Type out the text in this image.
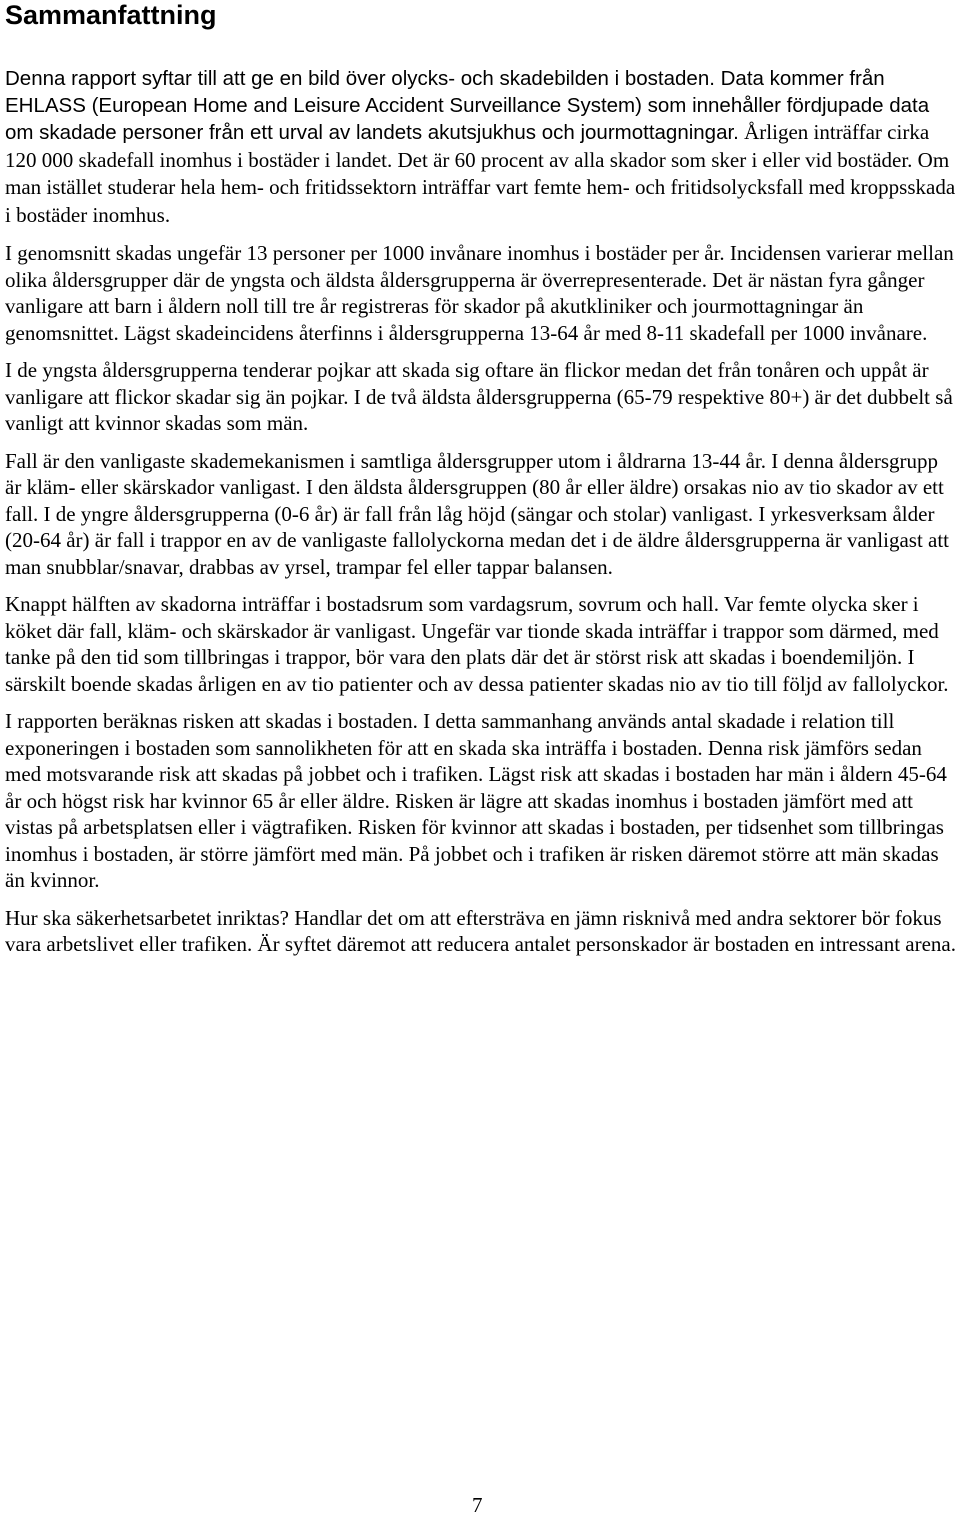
Sammanfattning

Denna rapport syftar till att ge en bild över olycks- och skadebilden i bostaden. Data kommer från EHLASS (European Home and Leisure Accident Surveillance System) som innehåller fördjupade data om skadade personer från ett urval av landets akutsjukhus och jourmottagningar. Årligen inträffar cirka 120 000 skadefall inomhus i bostäder i landet. Det är 60 procent av alla skador som sker i eller vid bostäder. Om man istället studerar hela hem- och fritidssektorn inträffar vart femte hem- och fritidsolycksfall med kroppsskada i bostäder inomhus.

I genomsnitt skadas ungefär 13 personer per 1000 invånare inomhus i bostäder per år. Incidensen varierar mellan olika åldersgrupper där de yngsta och äldsta åldersgrupperna är överrepresenterade. Det är nästan fyra gånger vanligare att barn i åldern noll till tre år registreras för skador på akutkliniker och jourmottagningar än genomsnittet. Lägst skadeincidens återfinns i åldersgrupperna 13-64 år med 8-11 skadefall per 1000 invånare.

I de yngsta åldersgrupperna tenderar pojkar att skada sig oftare än flickor medan det från tonåren och uppåt är vanligare att flickor skadar sig än pojkar. I de två äldsta åldersgrupperna (65-79 respektive 80+) är det dubbelt så vanligt att kvinnor skadas som män.

Fall är den vanligaste skademekanismen i samtliga åldersgrupper utom i åldrarna 13-44 år. I denna åldersgrupp är kläm- eller skärskador vanligast. I den äldsta åldersgruppen (80 år eller äldre) orsakas nio av tio skador av ett fall. I de yngre åldersgrupperna (0-6 år) är fall från låg höjd (sängar och stolar) vanligast. I yrkesverksam ålder (20-64 år) är fall i trappor en av de vanligaste fallolyckorna medan det i de äldre åldersgrupperna är vanligast att man snubblar/snavar, drabbas av yrsel, trampar fel eller tappar balansen.

Knappt hälften av skadorna inträffar i bostadsrum som vardagsrum, sovrum och hall. Var femte olycka sker i köket där fall, kläm- och skärskador är vanligast. Ungefär var tionde skada inträffar i trappor som därmed, med tanke på den tid som tillbringas i trappor, bör vara den plats där det är störst risk att skadas i boendemiljön. I särskilt boende skadas årligen en av tio patienter och av dessa patienter skadas nio av tio till följd av fallolyckor.

I rapporten beräknas risken att skadas i bostaden. I detta sammanhang används antal skadade i relation till exponeringen i bostaden som sannolikheten för att en skada ska inträffa i bostaden. Denna risk jämförs sedan med motsvarande risk att skadas på jobbet och i trafiken. Lägst risk att skadas i bostaden har män i åldern 45-64 år och högst risk har kvinnor 65 år eller äldre. Risken är lägre att skadas inomhus i bostaden jämfört med att vistas på arbetsplatsen eller i vägtrafiken. Risken för kvinnor att skadas i bostaden, per tidsenhet som tillbringas inomhus i bostaden, är större jämfört med män. På jobbet och i trafiken är risken däremot större att män skadas än kvinnor.

Hur ska säkerhetsarbetet inriktas? Handlar det om att eftersträva en jämn risknivå med andra sektorer bör fokus vara arbetslivet eller trafiken. Är syftet däremot att reducera antalet personskador är bostaden en intressant arena.

7
